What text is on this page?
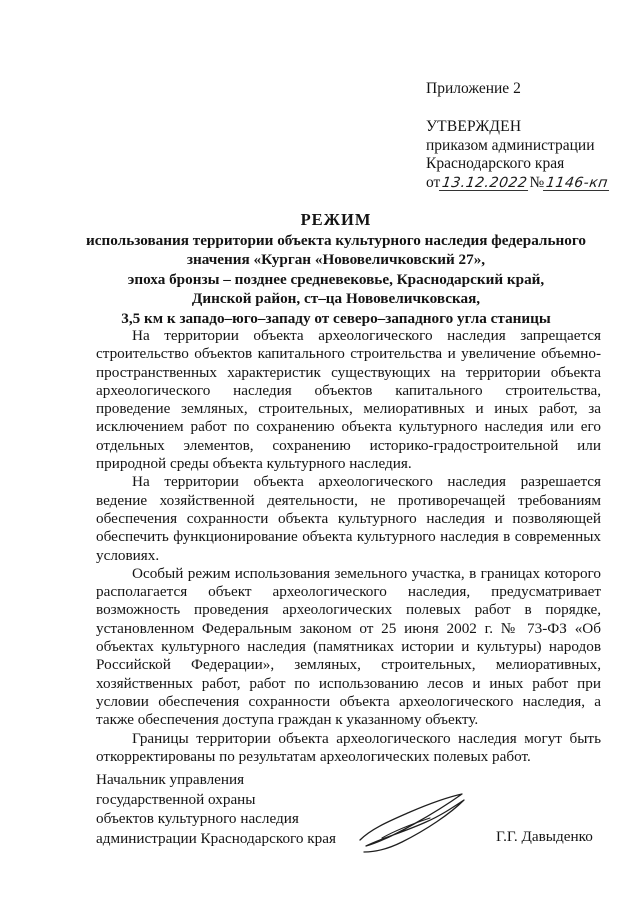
Приложение 2
УТВЕРЖДЕН
приказом администрации
Краснодарского края
от13.12.2022№1146-кп
РЕЖИМ
использования территории объекта культурного наследия федерального
значения «Курган «Нововеличковский 27»,
эпоха бронзы – позднее средневековье, Краснодарский край,
Динской район, ст–ца Нововеличковская,
3,5 км к западо–юго–западу от северо–западного угла станицы

На территории объекта археологического наследия запрещается строительство объектов капитального строительства и увеличение объемно-пространственных характеристик существующих на территории объекта археологического наследия объектов капитального строительства, проведение земляных, строительных, мелиоративных и иных работ, за исключением работ по сохранению объекта культурного наследия или его отдельных элементов, сохранению историко-градостроительной или природной среды объекта культурного наследия.

На территории объекта археологического наследия разрешается ведение хозяйственной деятельности, не противоречащей требованиям обеспечения сохранности объекта культурного наследия и позволяющей обеспечить функционирование объекта культурного наследия в современных условиях.

Особый режим использования земельного участка, в границах которого располагается объект археологического наследия, предусматривает возможность проведения археологических полевых работ в порядке, установленном Федеральным законом от 25 июня 2002 г. № 73-ФЗ «Об объектах культурного наследия (памятниках истории и культуры) народов Российской Федерации», земляных, строительных, мелиоративных, хозяйственных работ, работ по использованию лесов и иных работ при условии обеспечения сохранности объекта археологического наследия, а также обеспечения доступа граждан к указанному объекту.

Границы территории объекта археологического наследия могут быть откорректированы по результатам археологических полевых работ.

Начальник управления
государственной охраны
объектов культурного наследия
администрации Краснодарского края	Г.Г. Давыденко
